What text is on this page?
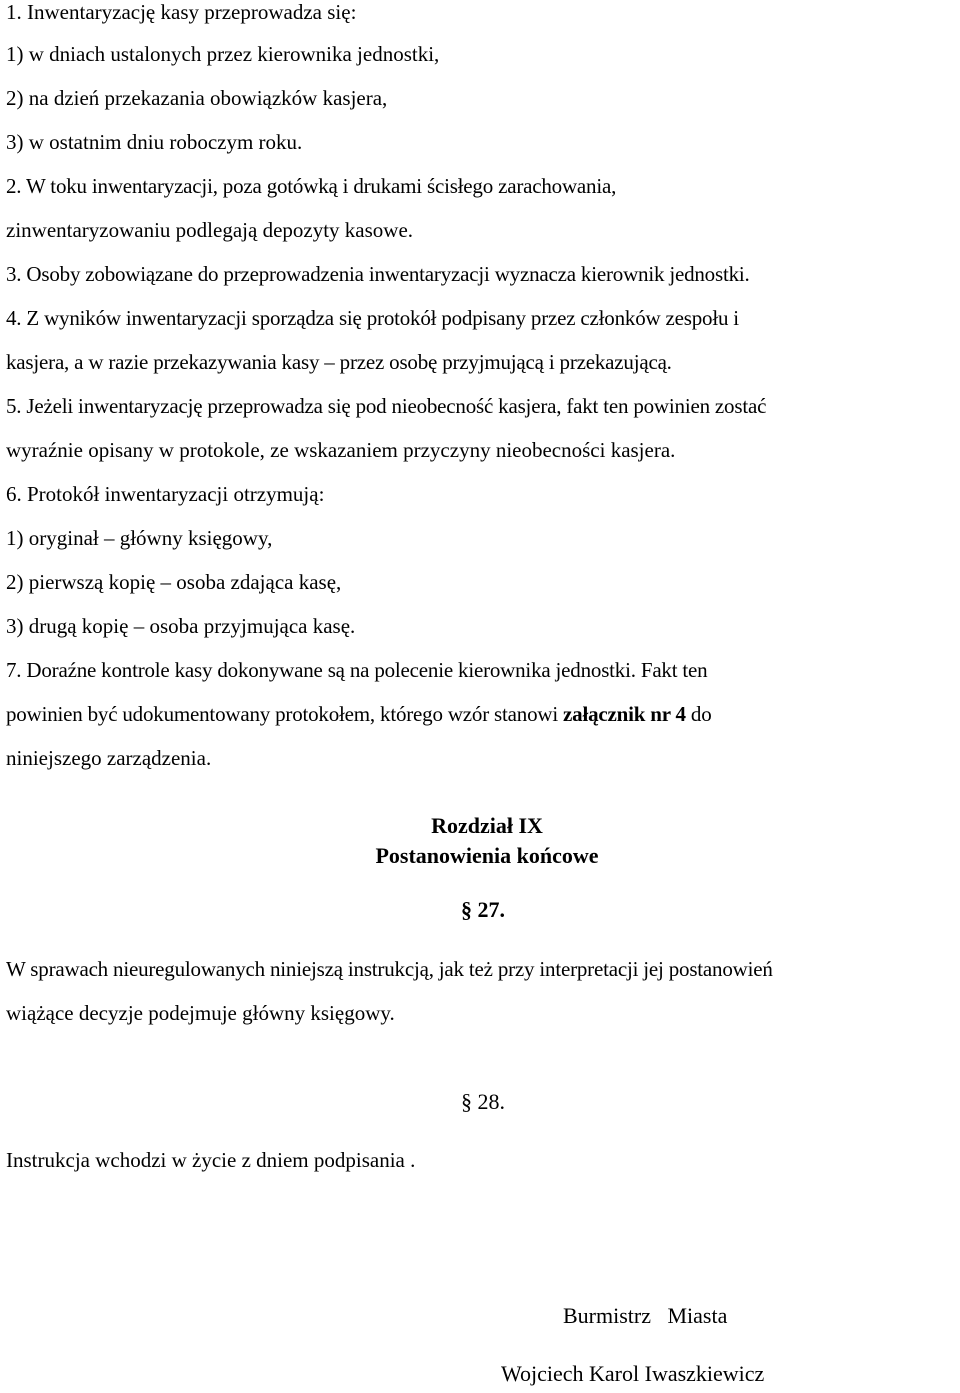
1. Inwentaryzację kasy przeprowadza się:
1) w dniach ustalonych przez kierownika jednostki,
2) na dzień przekazania obowiązków kasjera,
3) w ostatnim dniu roboczym roku.
2. W toku inwentaryzacji, poza gotówką i drukami ścisłego zarachowania,
zinwentaryzowaniu podlegają depozyty kasowe.
3. Osoby zobowiązane do przeprowadzenia inwentaryzacji wyznacza kierownik jednostki.
4. Z wyników inwentaryzacji sporządza się protokół podpisany przez członków zespołu i
kasjera, a w razie przekazywania kasy – przez osobę przyjmującą i przekazującą.
5. Jeżeli inwentaryzację przeprowadza się pod nieobecność kasjera, fakt ten powinien zostać
wyraźnie opisany w protokole, ze wskazaniem przyczyny nieobecności kasjera.
6. Protokół inwentaryzacji otrzymują:
1) oryginał – główny księgowy,
2) pierwszą kopię – osoba zdająca kasę,
3) drugą kopię – osoba przyjmująca kasę.
7. Doraźne kontrole kasy dokonywane są na polecenie kierownika jednostki. Fakt ten
powinien być udokumentowany protokołem, którego wzór stanowi załącznik nr 4 do
niniejszego zarządzenia.
Rozdział IX
Postanowienia końcowe
§ 27.
W sprawach nieuregulowanych niniejszą instrukcją, jak też przy interpretacji jej postanowień
wiążące decyzje podejmuje główny księgowy.
§ 28.
Instrukcja wchodzi w życie z dniem podpisania .
Burmistrz   Miasta
Wojciech Karol Iwaszkiewicz
